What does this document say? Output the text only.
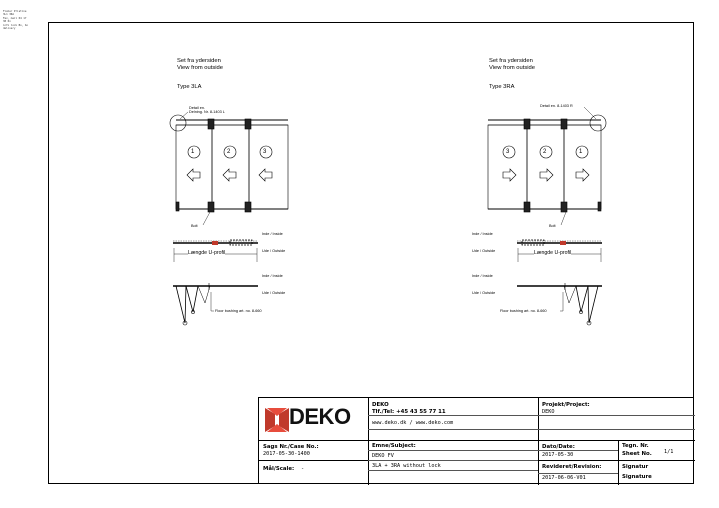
Fisher Pristine 3L1 3RA
Fax, mail 04 17 38 0x
info lock Bo, bo delivery
Set fra ydersiden
View from outside
Type 3LA
Detail en.
Delning. Nr. 8-1403 L
1	2	3
Bolt
Inde / Inside
Ude / Outside
Længde U-profil
Inde / Inside
Ude / Outside
Floor bushing art. no. 8-660
Set fra ydersiden
View from outside
Type 3RA
Detail en. 8-1403 R
3	2	1
Bolt
Inde / Inside
Ude / Outside	Længde U-profil
Inde / Inside
Ude / Outside
Floor bushing art. no. 8-660
DEKO	DEKO
Tlf./Tel: +45 43 55 77 11
www.deko.dk / www.deko.com
Projekt/Project:
DEKO
Sags Nr./Case No.:
2017-05-30-1400
Emne/Subject:
DEKO FV
3LA + 3RA without lock
Dato/Date:
2017-05-30
Tegn. Nr.
Sheet No. 1/1
Mål/Scale: -	Revideret/Revision:
2017-06-06-V01
Signatur
Signature
